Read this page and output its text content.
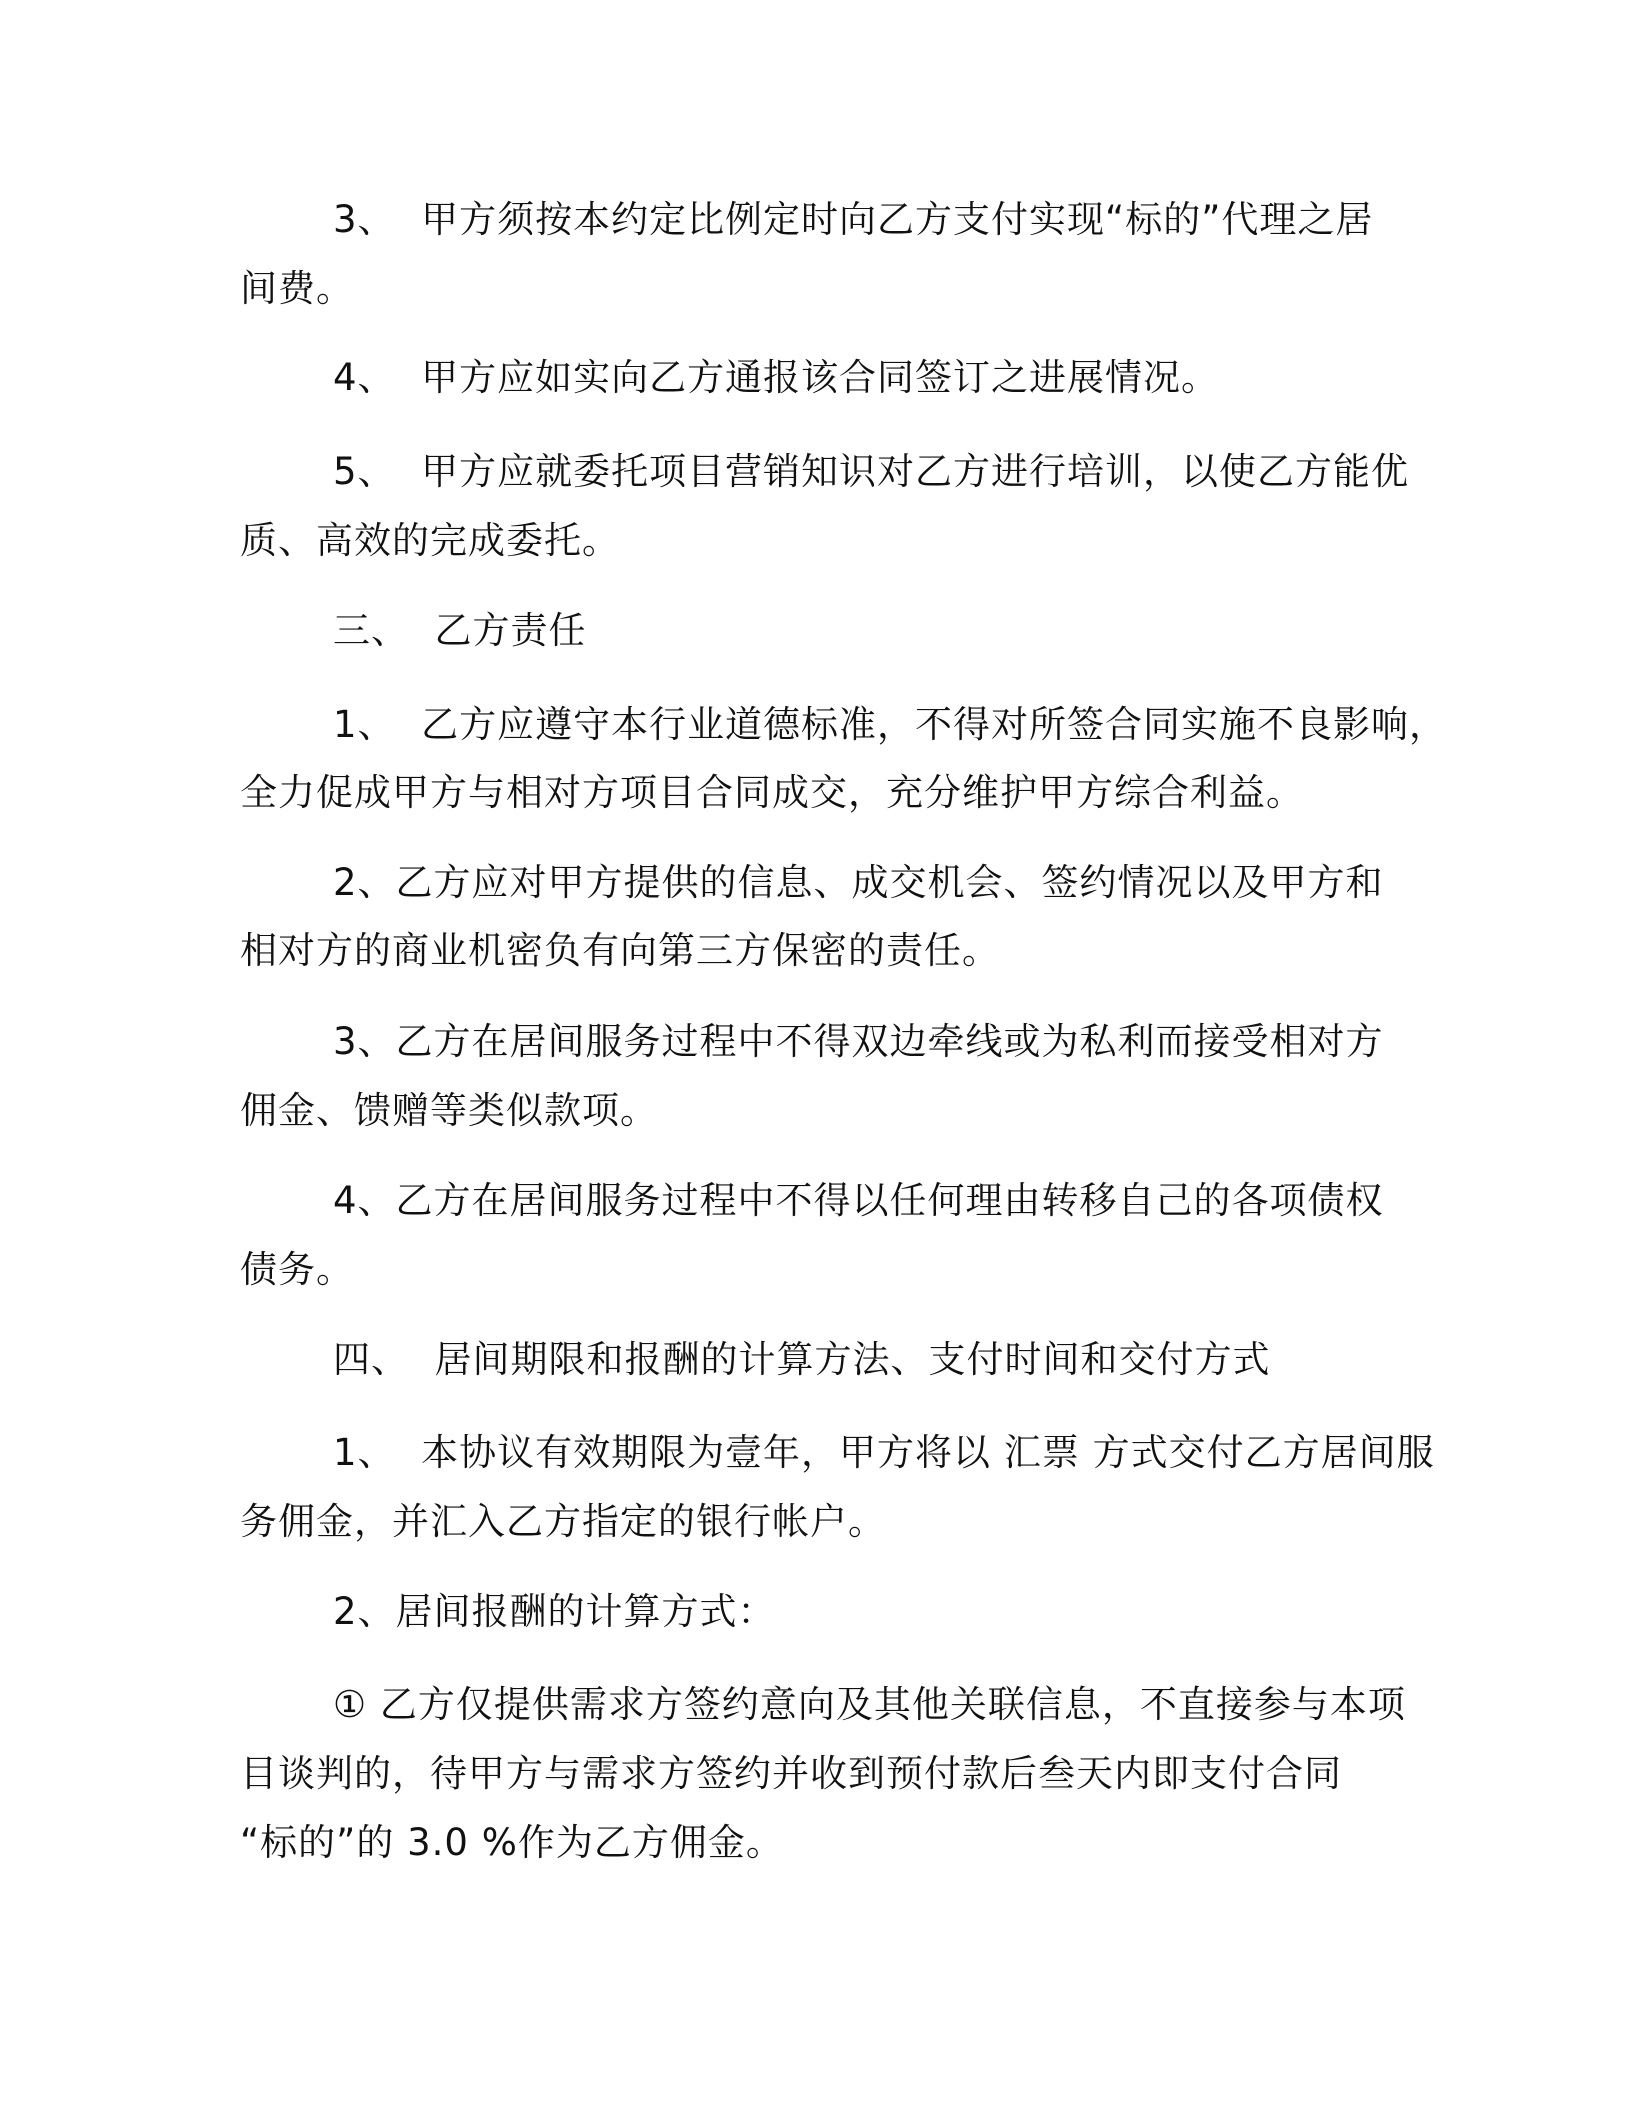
3、  甲方须按本约定比例定时向乙方支付实现“标的”代理之居
间费。
4、  甲方应如实向乙方通报该合同签订之进展情况。
5、  甲方应就委托项目营销知识对乙方进行培训，以使乙方能优
质、高效的完成委托。
三、  乙方责任
1、  乙方应遵守本行业道德标准，不得对所签合同实施不良影响，
全力促成甲方与相对方项目合同成交，充分维护甲方综合利益。
2、乙方应对甲方提供的信息、成交机会、签约情况以及甲方和
相对方的商业机密负有向第三方保密的责任。
3、乙方在居间服务过程中不得双边牵线或为私利而接受相对方
佣金、馈赠等类似款项。
4、乙方在居间服务过程中不得以任何理由转移自己的各项债权
债务。
四、  居间期限和报酬的计算方法、支付时间和交付方式
1、  本协议有效期限为壹年，甲方将以 汇票 方式交付乙方居间服
务佣金，并汇入乙方指定的银行帐户。
2、居间报酬的计算方式：
① 乙方仅提供需求方签约意向及其他关联信息，不直接参与本项
目谈判的，待甲方与需求方签约并收到预付款后叁天内即支付合同
“标的”的 3.0 %作为乙方佣金。
